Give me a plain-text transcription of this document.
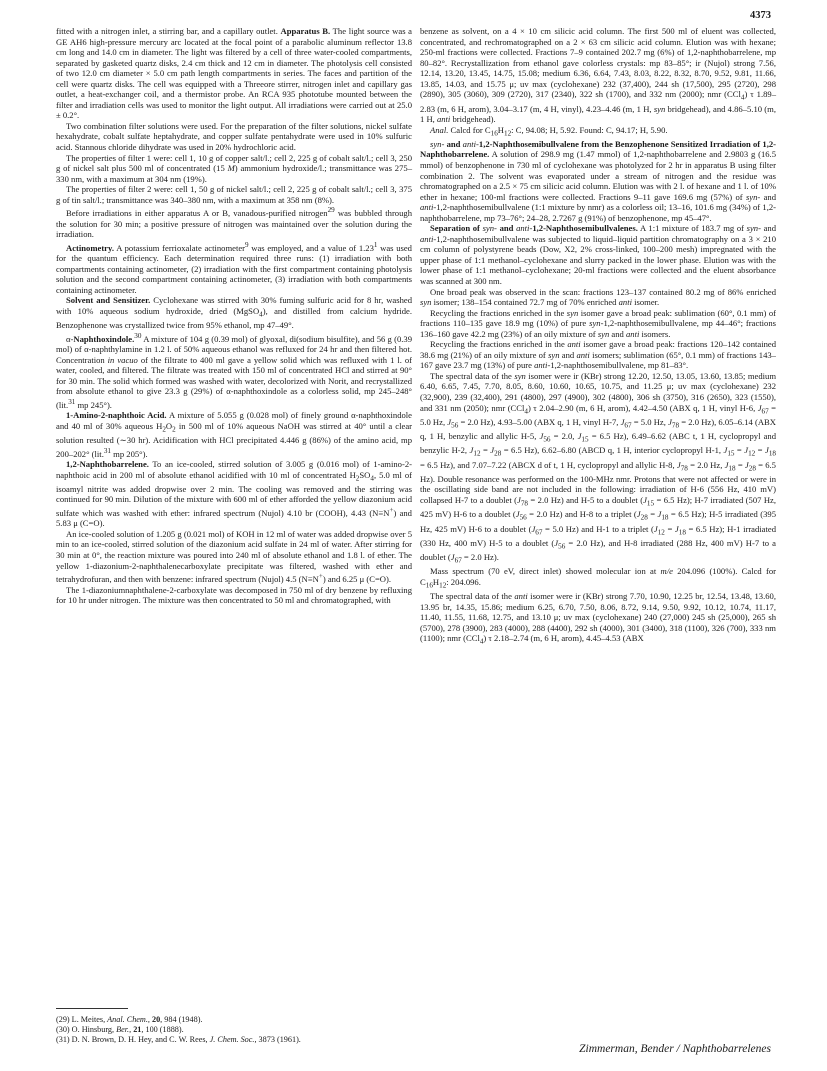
4373

fitted with a nitrogen inlet, a stirring bar, and a capillary outlet. Apparatus B. The light source was a GE AH6 high-pressure mercury arc located at the focal point of a parabolic aluminum reflector 13.8 cm long and 14.0 cm in diameter. The light was filtered by a cell of three water-cooled compartments, separated by gasketed quartz disks, 2.4 cm thick and 12 cm in diameter. The photolysis cell consisted of two 12.0 cm diameter × 5.0 cm path length compartments in series. The faces and partition of the cell were quartz disks. The cell was equipped with a Threeore stirrer, nitrogen inlet and capillary gas outlet, a heat-exchanger coil, and a thermistor probe. An RCA 935 phototube mounted between the filter and irradiation cells was used to monitor the light output. All irradiations were carried out at 25.0 ± 0.2°.

Two combination filter solutions were used. For the preparation of the filter solutions, nickel sulfate hexahydrate, cobalt sulfate heptahydrate, and copper sulfate pentahydrate were used in 10% sulfuric acid. Stannous chloride dihydrate was used in 20% hydrochloric acid.

The properties of filter 1 were: cell 1, 10 g of copper salt/l.; cell 2, 225 g of cobalt salt/l.; cell 3, 250 g of nickel salt plus 500 ml of concentrated (15 M) ammonium hydroxide/l.; transmittance was 275–330 nm, with a maximum at 304 nm (19%).

The properties of filter 2 were: cell 1, 50 g of nickel salt/l.; cell 2, 225 g of cobalt salt/l.; cell 3, 375 g of tin salt/l.; transmittance was 340–380 nm, with a maximum at 358 nm (8%).

Before irradiations in either apparatus A or B, vanadous-purified nitrogen$^{29}$ was bubbled through the solution for 30 min; a positive pressure of nitrogen was maintained over the solution during the irradiation.

Actinometry. A potassium ferrioxalate actinometer$^9$ was employed, and a value of 1.23$^1$ was used for the quantum efficiency. Each determination required three runs: (1) irradiation with both compartments containing actinometer, (2) irradiation with the first compartment containing photolysis solution and the second compartment containing actinometer, (3) irradiation with both compartments containing actinometer.

Solvent and Sensitizer. Cyclohexane was stirred with 30% fuming sulfuric acid for 8 hr, washed with 10% aqueous sodium hydroxide, dried (MgSO$_4$), and distilled from calcium hydride. Benzophenone was crystallized twice from 95% ethanol, mp 47–49°.

α-Naphthoxindole.$^{30}$ A mixture of 104 g (0.39 mol) of glyoxal, di(sodium bisulfite), and 56 g (0.39 mol) of α-naphthylamine in 1.2 l. of 50% aqueous ethanol was refluxed for 24 hr and then filtered hot. Concentration in vacuo of the filtrate to 400 ml gave a yellow solid which was refluxed with 1 l. of water, cooled, and filtered. The filtrate was treated with 150 ml of concentrated HCl and stirred at 90° for 30 min. The solid which formed was washed with water, decolorized with Norit, and recrystallized from absolute ethanol to give 23.3 g (29%) of α-naphthoxindole as a colorless solid, mp 245–248° (lit.$^{31}$ mp 245°).

1-Amino-2-naphthoic Acid. A mixture of 5.055 g (0.028 mol) of finely ground α-naphthoxindole and 40 ml of 30% aqueous $H_2O_2$ in 500 ml of 10% aqueous NaOH was stirred at 40° until a clear solution resulted (∼30 hr). Acidification with HCl precipitated 4.446 g (86%) of the amino acid, mp 200–202° (lit.$^{31}$ mp 205°).

1,2-Naphthobarrelene. To an ice-cooled, stirred solution of 3.005 g (0.016 mol) of 1-amino-2-naphthoic acid in 200 ml of absolute ethanol acidified with 10 ml of concentrated $H_2SO_4$, 5.0 ml of isoamyl nitrite was added dropwise over 2 min. The cooling was removed and the stirring was continued for 90 min. Dilution of the mixture with 600 ml of ether afforded the yellow diazonium acid sulfate which was washed with ether: infrared spectrum (Nujol) 4.10 br (COOH), 4.43 (N≡N+) and 5.83 μ (C=O).

An ice-cooled solution of 1.205 g (0.021 mol) of KOH in 12 ml of water was added dropwise over 5 min to an ice-cooled, stirred solution of the diazonium acid sulfate in 24 ml of water. After stirring for 30 min at 0°, the reaction mixture was poured into 240 ml of absolute ethanol and 1.8 l. of ether. The yellow 1-diazonium-2-naphthalenecarboxylate precipitate was filtered, washed with ether and tetrahydrofuran, and then with benzene: infrared spectrum (Nujol) 4.5 (N≡N+) and 6.25 μ (C=O).

The 1-diazoniumnaphthalene-2-carboxylate was decomposed in 750 ml of dry benzene by refluxing for 10 hr under nitrogen. The mixture was then concentrated to 50 ml and chromatographed, with

benzene as solvent, on a 4 × 10 cm silicic acid column. The first 500 ml of eluent was collected, concentrated, and rechromatographed on a 2 × 63 cm silicic acid column. Elution was with hexane; 250-ml fractions were collected. Fractions 7–9 contained 202.7 mg (6%) of 1,2-naphthobarrelene, mp 80–82°. Recrystallization from ethanol gave colorless crystals: mp 83–85°; ir (Nujol) strong 7.56, 12.14, 13.20, 13.45, 14.75, 15.08; medium 6.36, 6.64, 7.43, 8.03, 8.22, 8.32, 8.70, 9.52, 9.81, 11.66, 13.85, 14.03, and 15.75 μ; uv max (cyclohexane) 232 (37,400), 244 sh (17,500), 295 (2720), 298 (2890), 305 (3060), 309 (2720), 317 (2340), 322 sh (1700), and 332 nm (2000); nmr (CCl$_4$) τ 1.89–2.83 (m, 6 H, arom), 3.04–3.17 (m, 4 H, vinyl), 4.23–4.46 (m, 1 H, syn bridgehead), and 4.86–5.10 (m, 1 H, anti bridgehead).

Anal. Calcd for $C_{16}H_{12}$: C, 94.08; H, 5.92. Found: C, 94.17; H, 5.90.

syn- and anti-1,2-Naphthosemibullvalene from the Benzophenone Sensitized Irradiation of 1,2-Naphthobarrelene. A solution of 298.9 mg (1.47 mmol) of 1,2-naphthobarrelene and 2.9803 g (16.5 mmol) of benzophenone in 730 ml of cyclohexane was photolyzed for 2 hr in apparatus B using filter combination 2. The solvent was evaporated under a stream of nitrogen and the residue was chromatographed on a 2.5 × 75 cm silicic acid column. Elution was with 2 l. of hexane and 1 l. of 10% ether in hexane; 100-ml fractions were collected. Fractions 9–11 gave 169.6 mg (57%) of syn- and anti-1,2-naphthosemibullvalene (1:1 mixture by nmr) as a colorless oil; 13–16, 101.6 mg (34%) of 1,2-naphthobarrelene, mp 73–76°; 24–28, 2.7267 g (91%) of benzophenone, mp 45–47°.

Separation of syn- and anti-1,2-Naphthosemibullvalenes. A 1:1 mixture of 183.7 mg of syn- and anti-1,2-naphthosemibullvalene was subjected to liquid–liquid partition chromatography on a 3 × 210 cm column of polystyrene beads (Dow, X2, 2% cross-linked, 100–200 mesh) impregnated with the upper phase of 1:1 methanol–cyclohexane and slurry packed in the lower phase. Elution was with the lower phase of 1:1 methanol–cyclohexane; 20-ml fractions were collected and the eluent absorbance was scanned at 300 nm.

One broad peak was observed in the scan: fractions 123–137 contained 80.2 mg of 86% enriched syn isomer; 138–154 contained 72.7 mg of 70% enriched anti isomer.

Recycling the fractions enriched in the syn isomer gave a broad peak: sublimation (60°, 0.1 mm) of fractions 110–135 gave 18.9 mg (10%) of pure syn-1,2-naphthosemibullvalene, mp 44–46°; fractions 136–160 gave 42.2 mg (23%) of an oily mixture of syn and anti isomers.

Recycling the fractions enriched in the anti isomer gave a broad peak: fractions 120–142 contained 38.6 mg (21%) of an oily mixture of syn and anti isomers; sublimation (65°, 0.1 mm) of fractions 143–167 gave 23.7 mg (13%) of pure anti-1,2-naphthosemibullvalene, mp 81–83°.

The spectral data of the syn isomer were ir (KBr) strong 12.20, 12.50, 13.05, 13.60, 13.85; medium 6.40, 6.65, 7.45, 7.70, 8.05, 8.60, 10.60, 10.65, 10.75, and 11.25 μ; uv max (cyclohexane) 232 (32,900), 239 (32,400), 291 (4800), 297 (4900), 302 (4800), 306 sh (3750), 316 (2650), 323 (1550), and 331 nm (2050); nmr (CCl$_4$) τ 2.04–2.90 (m, 6 H, arom), 4.42–4.50 (ABX q, 1 H, vinyl H-6, $J_{67} = 5.0$ Hz, $J_{56} = 2.0$ Hz), 4.93–5.00 (ABX q, 1 H, vinyl H-7, $J_{67} = 5.0$ Hz, $J_{78} = 2.0$ Hz), 6.05–6.14 (ABX q, 1 H, benzylic and allylic H-5, $J_{56} = 2.0$, $J_{15} = 6.5$ Hz), 6.49–6.62 (ABC t, 1 H, cyclopropyl and benzylic H-2, $J_{12} = J_{28} = 6.5$ Hz), 6.62–6.80 (ABCD q, 1 H, interior cyclopropyl H-1, $J_{15} = J_{12} = J_{18} = 6.5$ Hz), and 7.07–7.22 (ABCX d of t, 1 H, cyclopropyl and allylic H-8, $J_{78} = 2.0$ Hz, $J_{18} = J_{28} = 6.5$ Hz). Double resonance was performed on the 100-MHz nmr. Protons that were not affected or were in the oscillating side band are not included in the following: irradiation of H-6 (556 Hz, 410 mV) collapsed H-7 to a doublet ($J_{78} = 2.0$ Hz) and H-5 to a doublet ($J_{15} = 6.5$ Hz); H-7 irradiated (507 Hz, 425 mV) H-6 to a doublet ($J_{56} = 2.0$ Hz) and H-8 to a triplet ($J_{28} = J_{18} = 6.5$ Hz); H-5 irradiated (395 Hz, 425 mV) H-6 to a doublet ($J_{67} = 5.0$ Hz) and H-1 to a triplet ($J_{12} = J_{18} = 6.5$ Hz); H-1 irradiated (330 Hz, 400 mV) H-5 to a doublet ($J_{56} = 2.0$ Hz), and H-8 irradiated (288 Hz, 400 mV) H-7 to a doublet ($J_{67} = 2.0$ Hz).

Mass spectrum (70 eV, direct inlet) showed molecular ion at m/e 204.096 (100%). Calcd for $C_{16}H_{12}$: 204.096.

The spectral data of the anti isomer were ir (KBr) strong 7.70, 10.90, 12.25 br, 12.54, 13.48, 13.60, 13.95 br, 14.35, 15.86; medium 6.25, 6.70, 7.50, 8.06, 8.72, 9.14, 9.50, 9.92, 10.12, 10.74, 11.17, 11.40, 11.55, 11.68, 12.75, and 13.10 μ; uv max (cyclohexane) 240 (27,000) 245 sh (25,000), 265 sh (5700), 278 (3900), 283 (4000), 288 (4400), 292 sh (4000), 301 (3400), 318 (1100), 326 (700), 333 nm (1100); nmr (CCl$_4$) τ 2.18–2.74 (m, 6 H, arom), 4.45–4.53 (ABX

(29) L. Meites, Anal. Chem., 20, 984 (1948).

(30) O. Hinsburg, Ber., 21, 100 (1888).

(31) D. N. Brown, D. H. Hey, and C. W. Rees, J. Chem. Soc., 3873 (1961).

Zimmerman, Bender / Naphthobarrelenes
